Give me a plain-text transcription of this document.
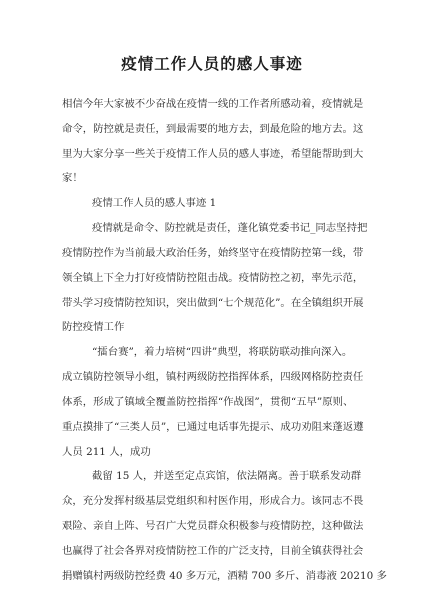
疫情工作人员的感人事迹
相信今年大家被不少奋战在疫情一线的工作者所感动着，疫情就是
命令，防控就是责任，到最需要的地方去，到最危险的地方去。这
里为大家分享一些关于疫情工作人员的感人事迹，希望能帮助到大
家！
疫情工作人员的感人事迹 1
疫情就是命令、防控就是责任，蓬化镇党委书记_同志坚持把
疫情防控作为当前最大政治任务，始终坚守在疫情防控第一线，带
领全镇上下全力打好疫情防控阻击战。疫情防控之初，率先示范，
带头学习疫情防控知识，突出做到“七个规范化”。在全镇组织开展
防控疫情工作
“擂台赛”，着力培树“四讲”典型，将联防联动推向深入。
成立镇防控领导小组，镇村两级防控指挥体系，四级网格防控责任
体系，形成了镇域全覆盖防控指挥“作战图”，贯彻“五早”原则、
重点摸排了“三类人员”，已通过电话事先提示、成功劝阻来蓬返遵
人员 211 人，成功
截留 15 人，并送至定点宾馆，依法隔离。善于联系发动群
众，充分发挥村级基层党组织和村医作用，形成合力。该同志不畏
艰险、亲自上阵、号召广大党员群众积极参与疫情防控，这种做法
也赢得了社会各界对疫情防控工作的广泛支持，目前全镇获得社会
捐赠镇村两级防控经费 40 多万元，酒精 700 多斤、消毒液 20210 多
